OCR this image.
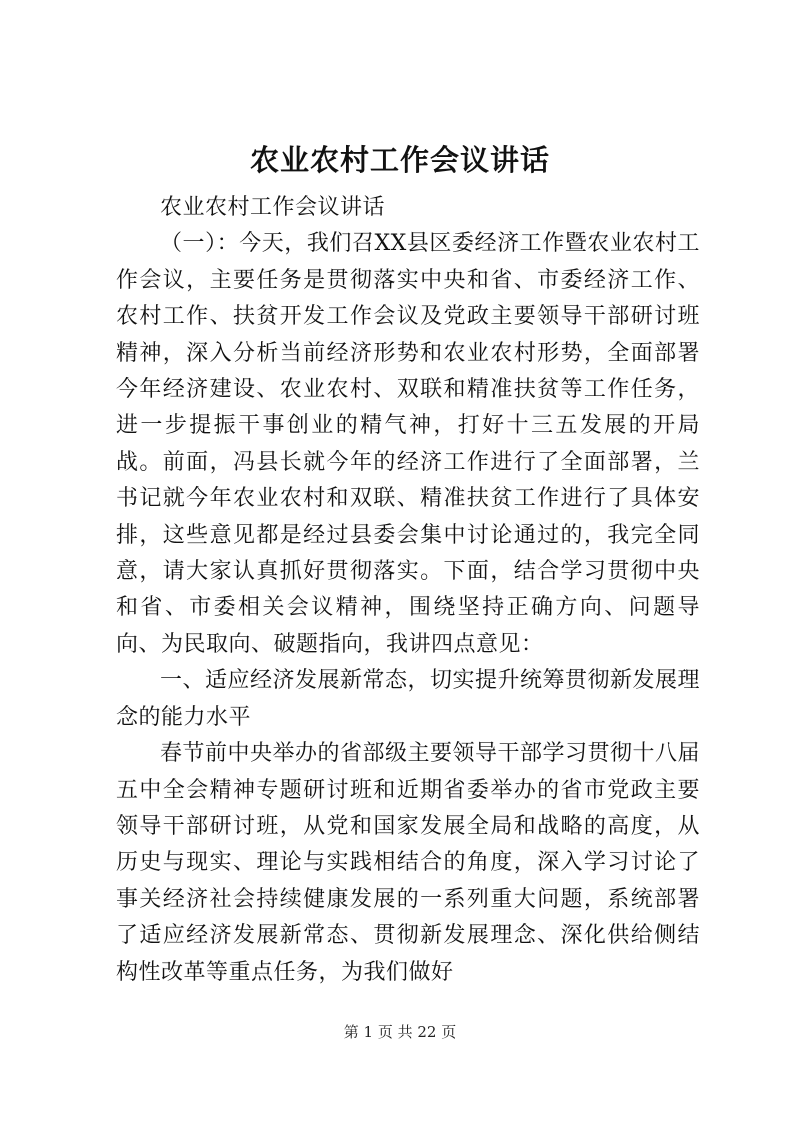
农业农村工作会议讲话

农业农村工作会议讲话

（一）：今天，我们召XX县区委经济工作暨农业农村工作会议，主要任务是贯彻落实中央和省、市委经济工作、农村工作、扶贫开发工作会议及党政主要领导干部研讨班精神，深入分析当前经济形势和农业农村形势，全面部署今年经济建设、农业农村、双联和精准扶贫等工作任务，进一步提振干事创业的精气神，打好十三五发展的开局战。前面，冯县长就今年的经济工作进行了全面部署，兰书记就今年农业农村和双联、精准扶贫工作进行了具体安排，这些意见都是经过县委会集中讨论通过的，我完全同意，请大家认真抓好贯彻落实。下面，结合学习贯彻中央和省、市委相关会议精神，围绕坚持正确方向、问题导向、为民取向、破题指向，我讲四点意见：

一、适应经济发展新常态，切实提升统筹贯彻新发展理念的能力水平

春节前中央举办的省部级主要领导干部学习贯彻十八届五中全会精神专题研讨班和近期省委举办的省市党政主要领导干部研讨班，从党和国家发展全局和战略的高度，从历史与现实、理论与实践相结合的角度，深入学习讨论了事关经济社会持续健康发展的一系列重大问题，系统部署了适应经济发展新常态、贯彻新发展理念、深化供给侧结构性改革等重点任务，为我们做好

第 1 页 共 22 页
